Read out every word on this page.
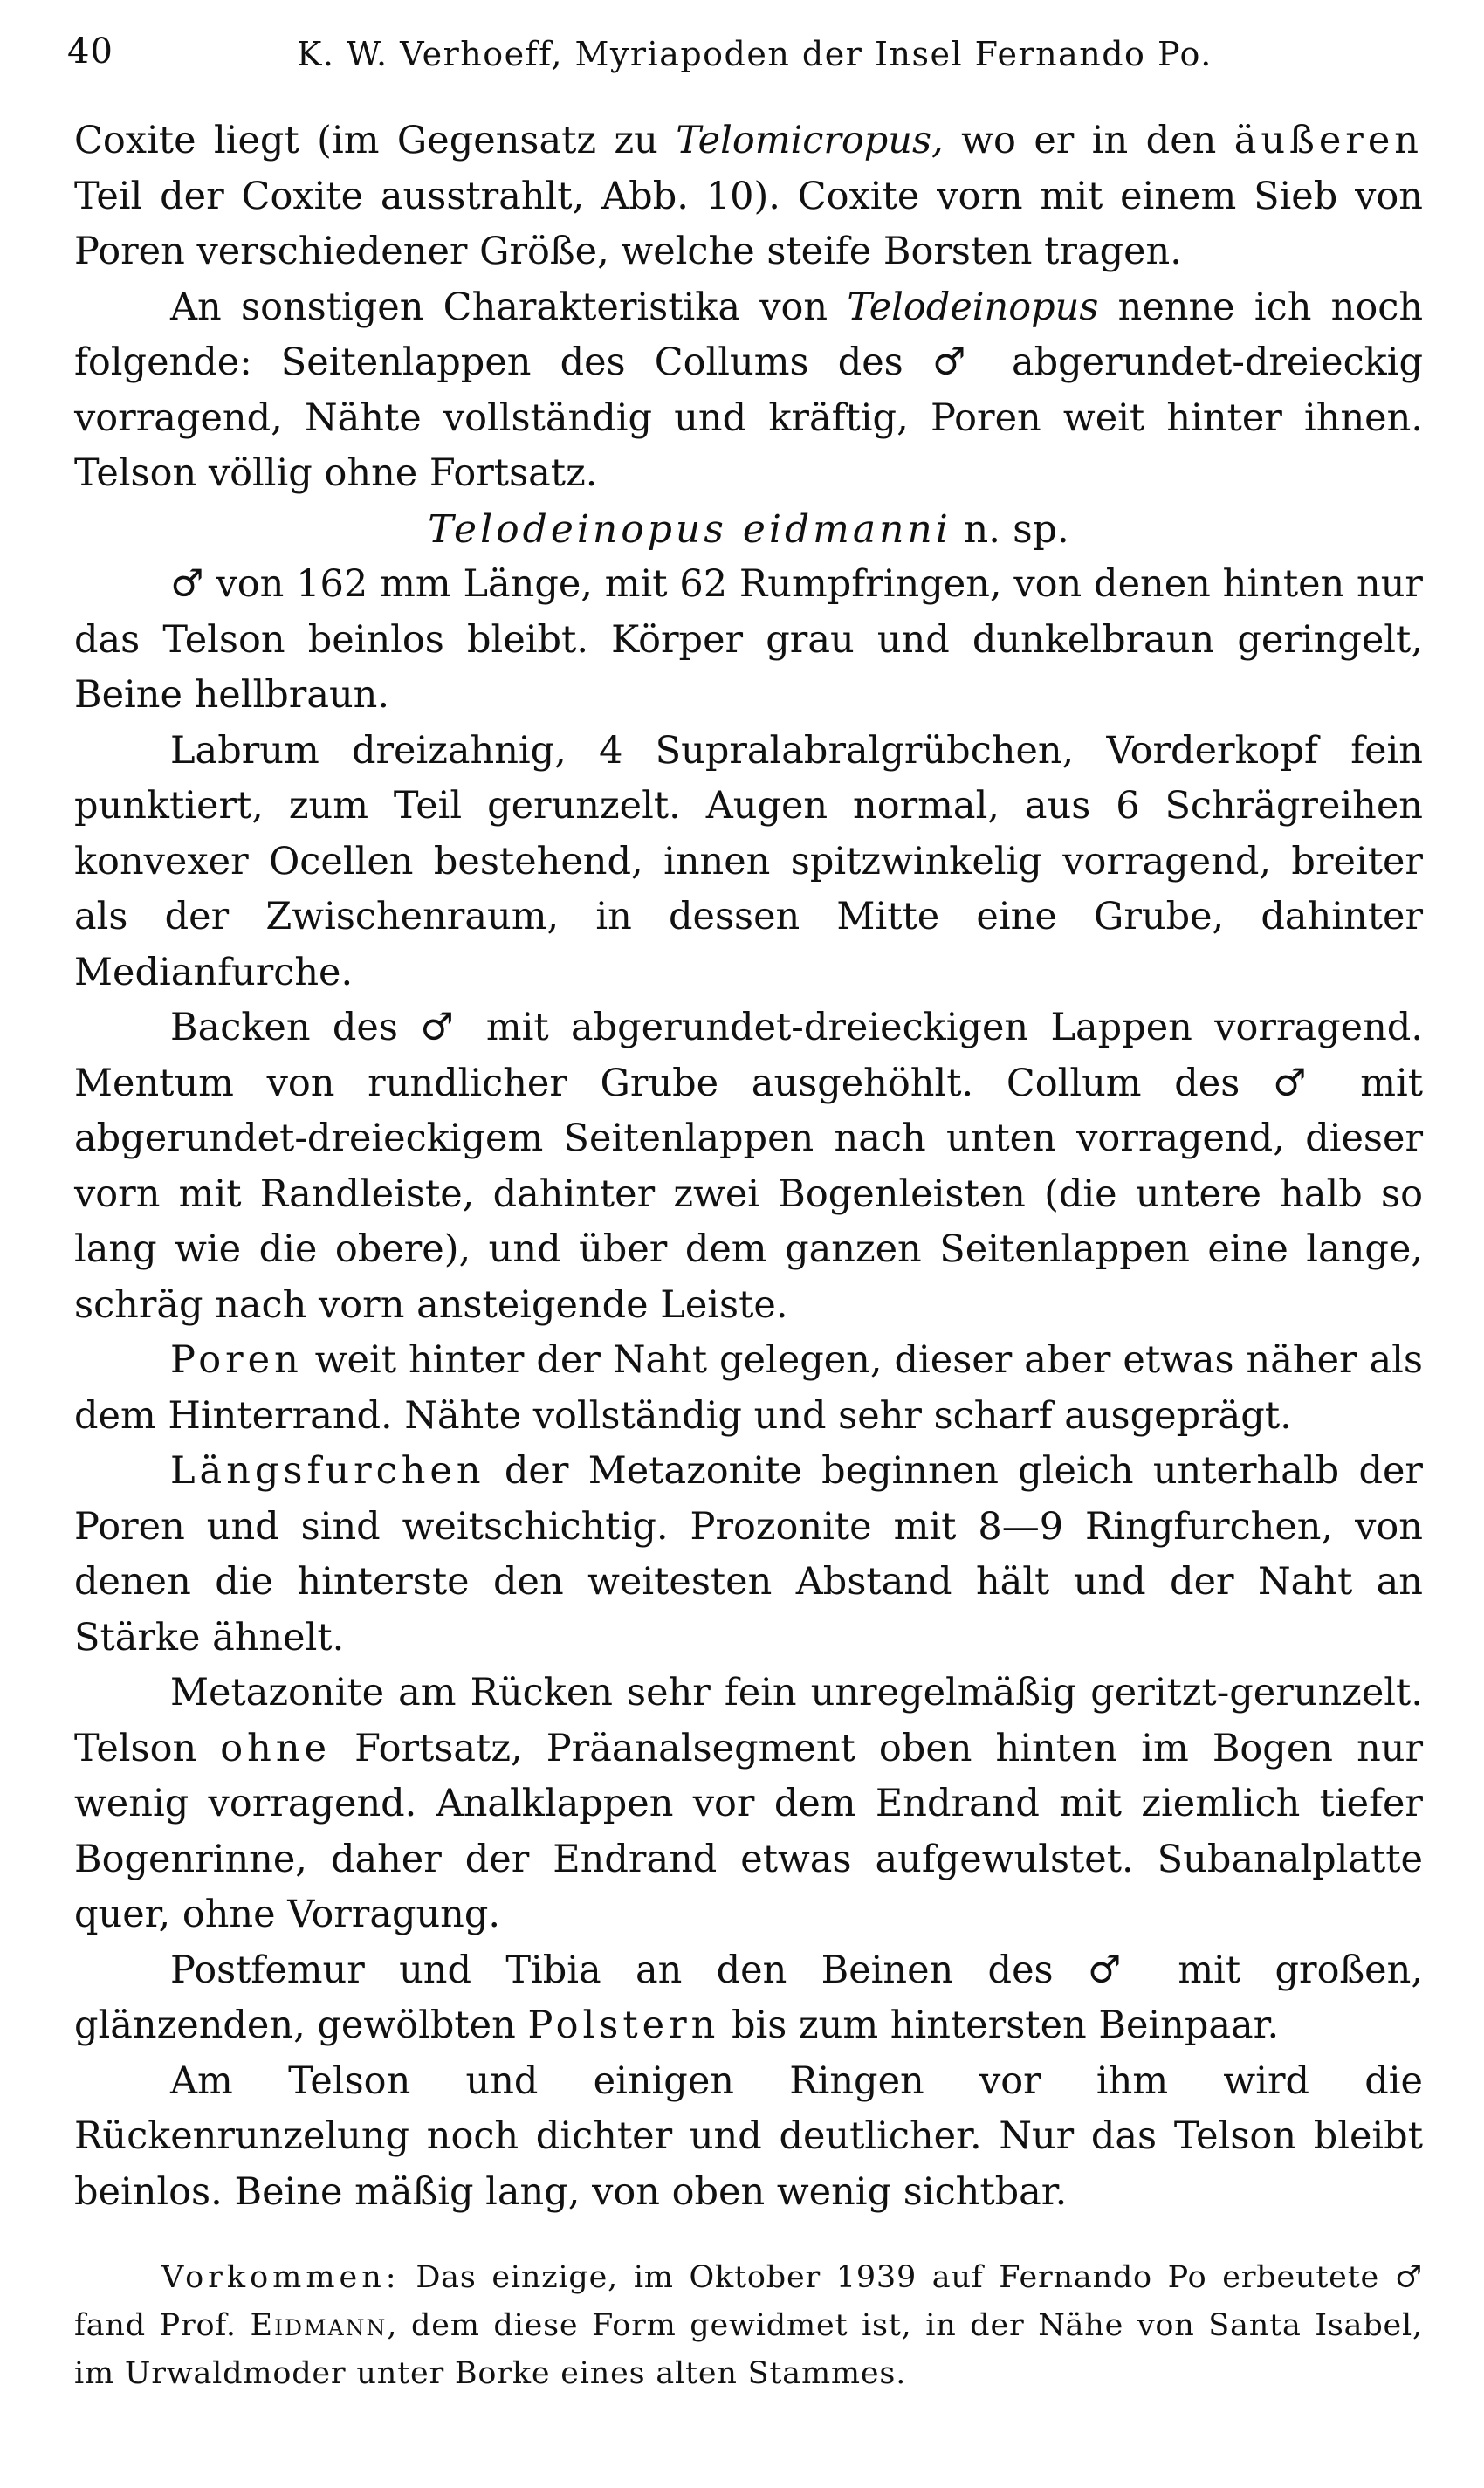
40	K. W. Verhoeff, Myriapoden der Insel Fernando Po.

Coxite liegt (im Gegensatz zu Telomicropus, wo er in den äußeren Teil der Coxite ausstrahlt, Abb. 10). Coxite vorn mit einem Sieb von Poren verschiedener Größe, welche steife Borsten tragen.

An sonstigen Charakteristika von Telodeinopus nenne ich noch folgende: Seitenlappen des Collums des ♂ abgerundet-dreieckig vorragend, Nähte vollständig und kräftig, Poren weit hinter ihnen. Telson völlig ohne Fortsatz.

Telodeinopus eidmanni n. sp.

♂ von 162 mm Länge, mit 62 Rumpfringen, von denen hinten nur das Telson beinlos bleibt. Körper grau und dunkelbraun geringelt, Beine hellbraun.

Labrum dreizahnig, 4 Supralabralgrübchen, Vorderkopf fein punktiert, zum Teil gerunzelt. Augen normal, aus 6 Schrägreihen konvexer Ocellen bestehend, innen spitzwinkelig vorragend, breiter als der Zwischenraum, in dessen Mitte eine Grube, dahinter Medianfurche.

Backen des ♂ mit abgerundet-dreieckigen Lappen vorragend. Mentum von rundlicher Grube ausgehöhlt. Collum des ♂ mit abgerundet-dreieckigem Seitenlappen nach unten vorragend, dieser vorn mit Randleiste, dahinter zwei Bogenleisten (die untere halb so lang wie die obere), und über dem ganzen Seitenlappen eine lange, schräg nach vorn ansteigende Leiste.

Poren weit hinter der Naht gelegen, dieser aber etwas näher als dem Hinterrand. Nähte vollständig und sehr scharf ausgeprägt.

Längsfurchen der Metazonite beginnen gleich unterhalb der Poren und sind weitschichtig. Prozonite mit 8—9 Ringfurchen, von denen die hinterste den weitesten Abstand hält und der Naht an Stärke ähnelt.

Metazonite am Rücken sehr fein unregelmäßig geritzt-gerunzelt. Telson ohne Fortsatz, Präanalsegment oben hinten im Bogen nur wenig vorragend. Analklappen vor dem Endrand mit ziemlich tiefer Bogenrinne, daher der Endrand etwas aufgewulstet. Subanalplatte quer, ohne Vorragung.

Postfemur und Tibia an den Beinen des ♂ mit großen, glänzenden, gewölbten Polstern bis zum hintersten Beinpaar.

Am Telson und einigen Ringen vor ihm wird die Rückenrunzelung noch dichter und deutlicher. Nur das Telson bleibt beinlos. Beine mäßig lang, von oben wenig sichtbar.

Vorkommen: Das einzige, im Oktober 1939 auf Fernando Po erbeutete ♂ fand Prof. Eidmann, dem diese Form gewidmet ist, in der Nähe von Santa Isabel, im Urwaldmoder unter Borke eines alten Stammes.
